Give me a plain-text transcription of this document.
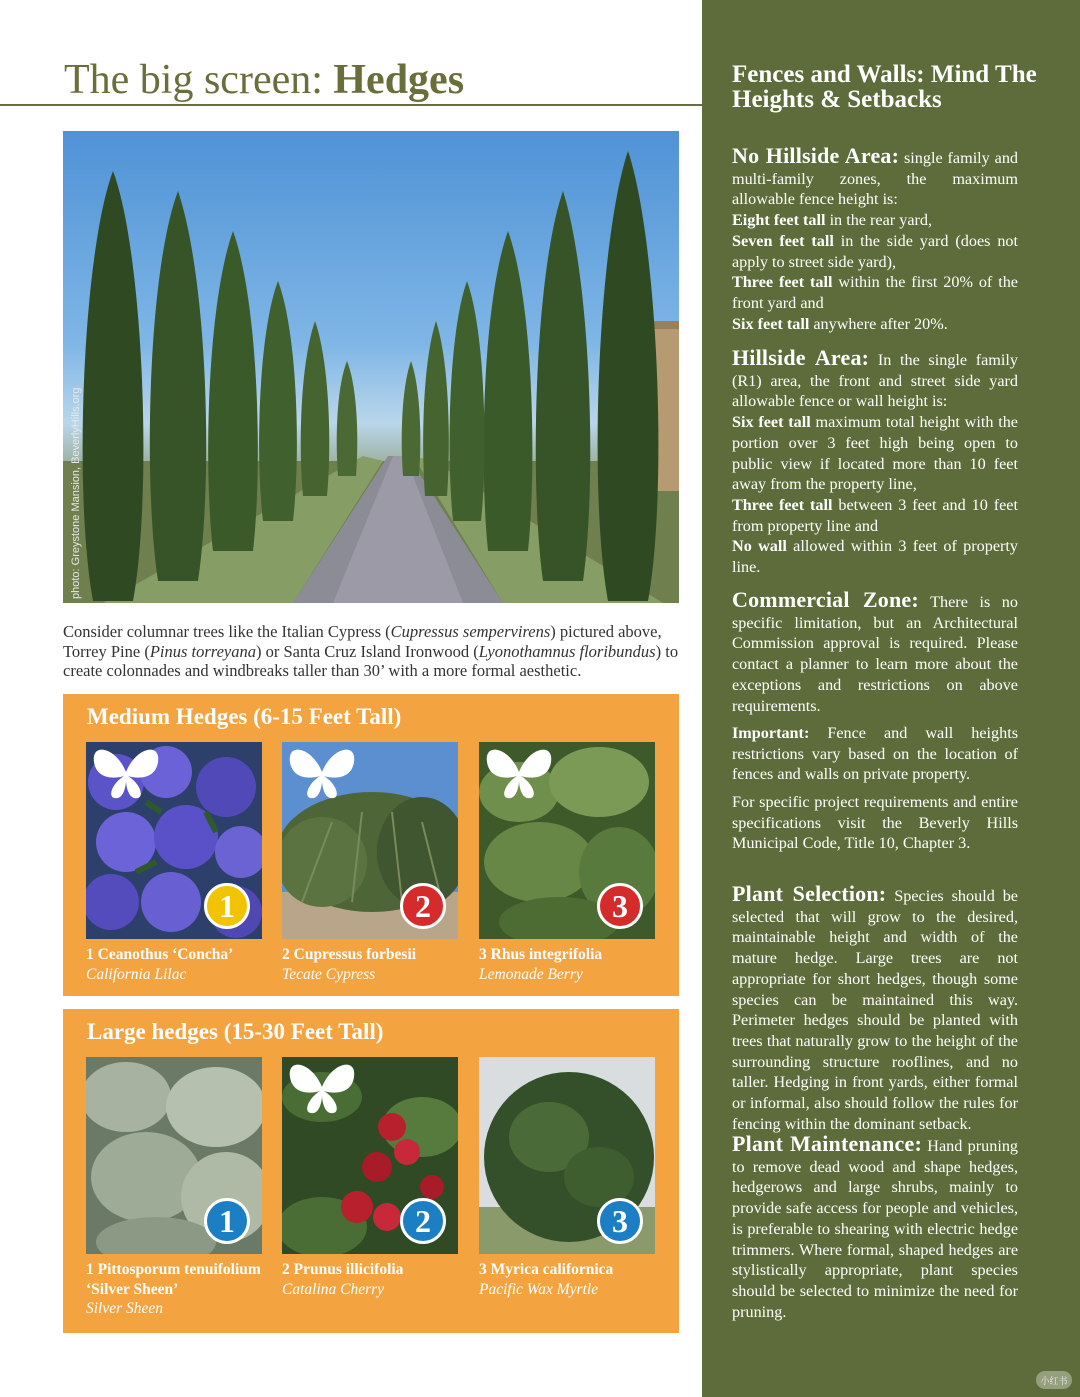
The big screen: Hedges
photo: Greystone Mansion, BeverlyHills.org

Consider columnar trees like the Italian Cypress (Cupressus sempervirens) pictured above, Torrey Pine (Pinus torreyana) or Santa Cruz Island Ironwood (Lyonothamnus floribundus) to create colonnades and windbreaks taller than 30’ with a more formal aesthetic.

Medium Hedges (6-15 Feet Tall)
1
1 Ceanothus ‘Concha’
California Lilac
2
2 Cupressus forbesii
Tecate Cypress
3
3 Rhus integrifolia
Lemonade Berry
Large hedges (15-30 Feet Tall)
1
1 Pittosporum tenuifolium ‘Silver Sheen’
Silver Sheen
2
2 Prunus illicifolia
Catalina Cherry
3
3 Myrica californica
Pacific Wax Myrtle
Fences and Walls: Mind The Heights & Setbacks
No Hillside Area: single family and multi-family zones, the maximum allowable fence height is:
Eight feet tall in the rear yard,
Seven feet tall in the side yard (does not apply to street side yard),
Three feet tall within the first 20% of the front yard and
Six feet tall anywhere after 20%.
Hillside Area: In the single family (R1) area, the front and street side yard allowable fence or wall height is:
Six feet tall maximum total height with the portion over 3 feet high being open to public view if located more than 10 feet away from the property line,
Three feet tall between 3 feet and 10 feet from property line and
No wall allowed within 3 feet of property line.
Commercial Zone: There is no specific limitation, but an Architectural Commission approval is required. Please contact a planner to learn more about the exceptions and restrictions on above requirements.
Important: Fence and wall heights restrictions vary based on the location of fences and walls on private property.
For specific project requirements and entire specifications visit the Beverly Hills Municipal Code, Title 10, Chapter 3.
Plant Selection: Species should be selected that will grow to the desired, maintainable height and width of the mature hedge. Large trees are not appropriate for short hedges, though some species can be maintained this way. Perimeter hedges should be planted with trees that naturally grow to the height of the surrounding structure rooflines, and no taller. Hedging in front yards, either formal or informal, also should follow the rules for fencing within the dominant setback.
Plant Maintenance: Hand pruning to remove dead wood and shape hedges, hedgerows and large shrubs, mainly to provide safe access for people and vehicles, is preferable to shearing with electric hedge trimmers. Where formal, shaped hedges are stylistically appropriate, plant species should be selected to minimize the need for pruning.
小红书
